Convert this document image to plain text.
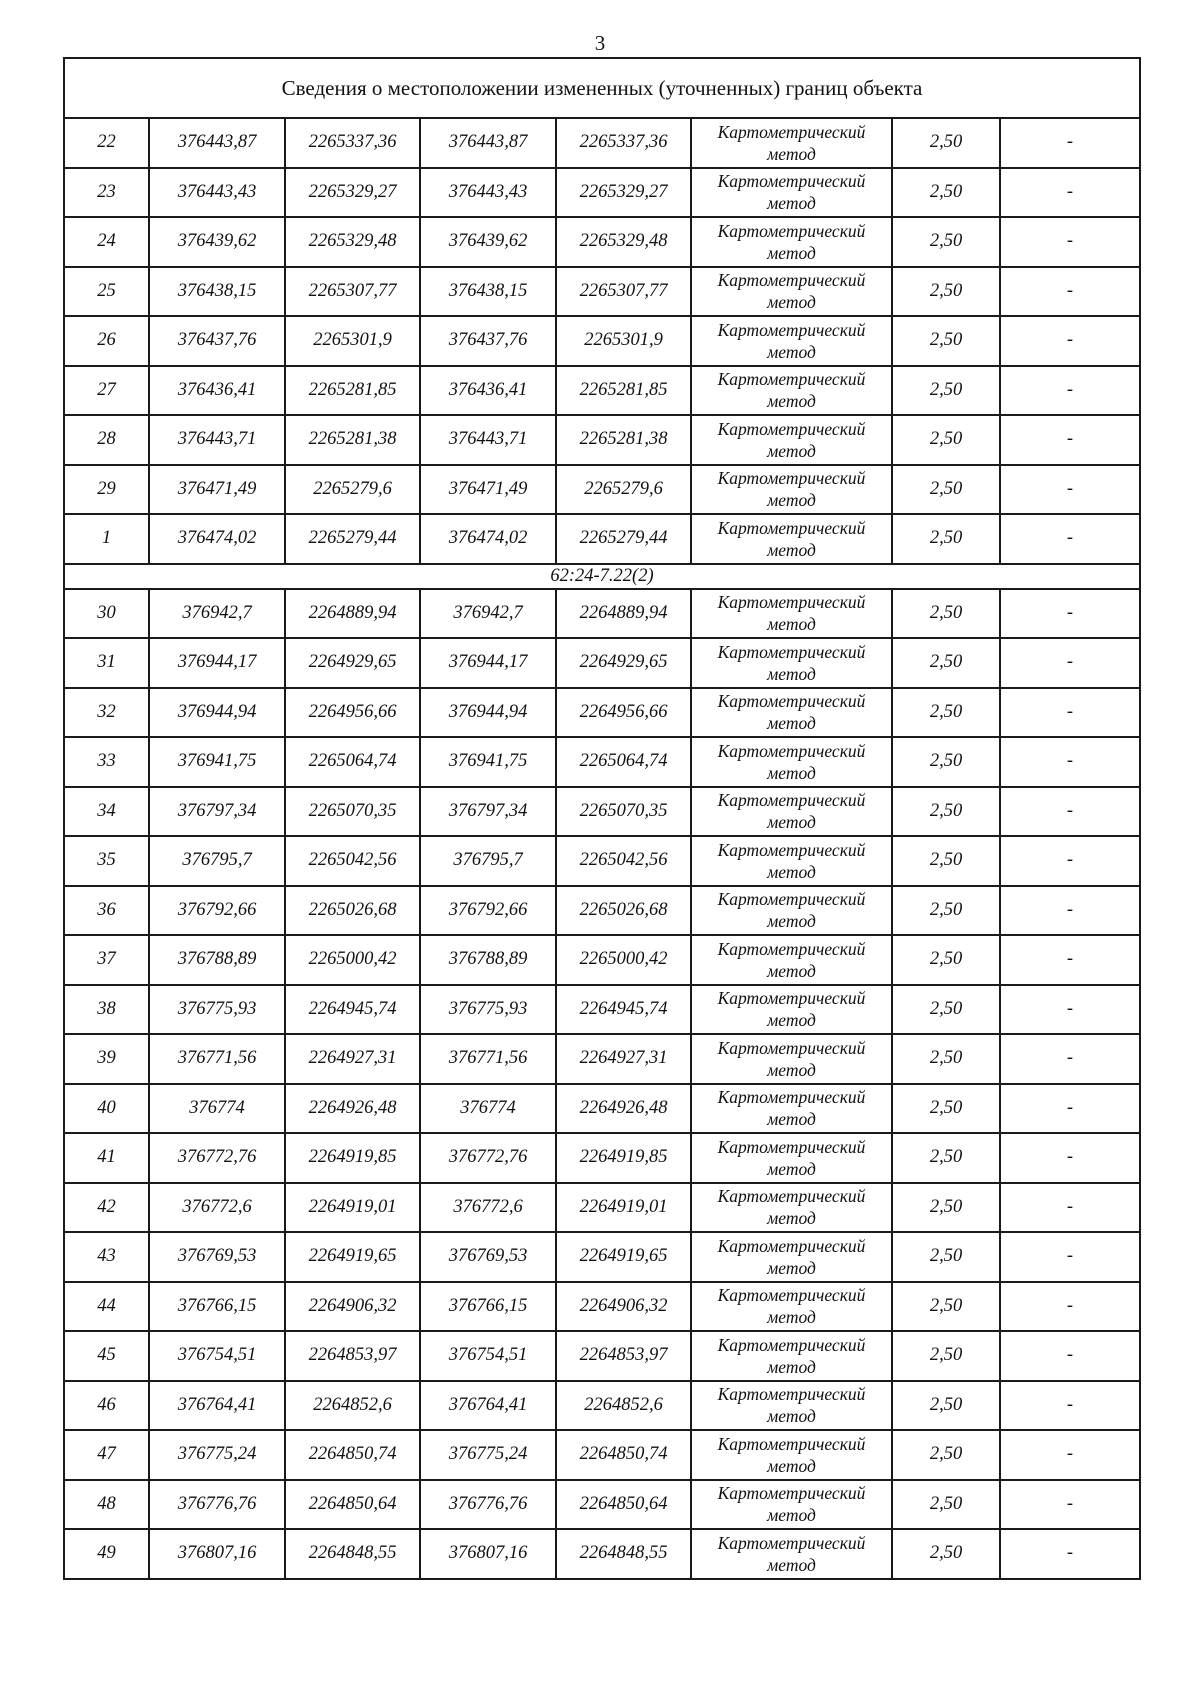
3
Сведения о местоположении измененных (уточненных) границ объекта							
22	376443,87	2265337,36	376443,87	2265337,36	Картометрический
метод	2,50	-
23	376443,43	2265329,27	376443,43	2265329,27	Картометрический
метод	2,50	-
24	376439,62	2265329,48	376439,62	2265329,48	Картометрический
метод	2,50	-
25	376438,15	2265307,77	376438,15	2265307,77	Картометрический
метод	2,50	-
26	376437,76	2265301,9	376437,76	2265301,9	Картометрический
метод	2,50	-
27	376436,41	2265281,85	376436,41	2265281,85	Картометрический
метод	2,50	-
28	376443,71	2265281,38	376443,71	2265281,38	Картометрический
метод	2,50	-
29	376471,49	2265279,6	376471,49	2265279,6	Картометрический
метод	2,50	-
1	376474,02	2265279,44	376474,02	2265279,44	Картометрический
метод	2,50	-
62:24-7.22(2)							
30	376942,7	2264889,94	376942,7	2264889,94	Картометрический
метод	2,50	-
31	376944,17	2264929,65	376944,17	2264929,65	Картометрический
метод	2,50	-
32	376944,94	2264956,66	376944,94	2264956,66	Картометрический
метод	2,50	-
33	376941,75	2265064,74	376941,75	2265064,74	Картометрический
метод	2,50	-
34	376797,34	2265070,35	376797,34	2265070,35	Картометрический
метод	2,50	-
35	376795,7	2265042,56	376795,7	2265042,56	Картометрический
метод	2,50	-
36	376792,66	2265026,68	376792,66	2265026,68	Картометрический
метод	2,50	-
37	376788,89	2265000,42	376788,89	2265000,42	Картометрический
метод	2,50	-
38	376775,93	2264945,74	376775,93	2264945,74	Картометрический
метод	2,50	-
39	376771,56	2264927,31	376771,56	2264927,31	Картометрический
метод	2,50	-
40	376774	2264926,48	376774	2264926,48	Картометрический
метод	2,50	-
41	376772,76	2264919,85	376772,76	2264919,85	Картометрический
метод	2,50	-
42	376772,6	2264919,01	376772,6	2264919,01	Картометрический
метод	2,50	-
43	376769,53	2264919,65	376769,53	2264919,65	Картометрический
метод	2,50	-
44	376766,15	2264906,32	376766,15	2264906,32	Картометрический
метод	2,50	-
45	376754,51	2264853,97	376754,51	2264853,97	Картометрический
метод	2,50	-
46	376764,41	2264852,6	376764,41	2264852,6	Картометрический
метод	2,50	-
47	376775,24	2264850,74	376775,24	2264850,74	Картометрический
метод	2,50	-
48	376776,76	2264850,64	376776,76	2264850,64	Картометрический
метод	2,50	-
49	376807,16	2264848,55	376807,16	2264848,55	Картометрический
метод	2,50	-
